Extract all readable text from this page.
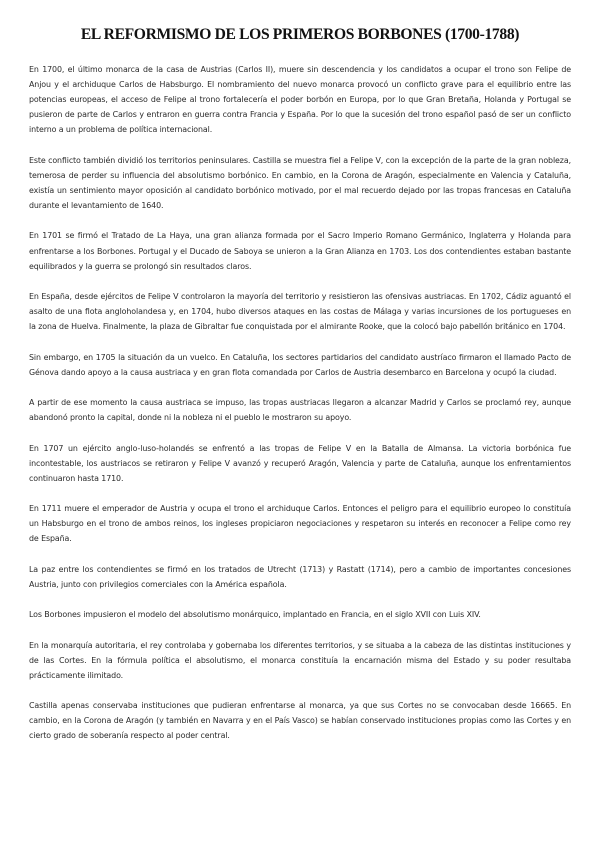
EL REFORMISMO DE LOS PRIMEROS BORBONES (1700-1788)

En 1700, el último monarca de la casa de Austrias (Carlos II), muere sin descendencia y los candidatos a ocupar el trono son Felipe de Anjou y el archiduque Carlos de Habsburgo. El nombramiento del nuevo monarca provocó un conflicto grave para el equilibrio entre las potencias europeas, el acceso de Felipe al trono fortalecería el poder borbón en Europa, por lo que Gran Bretaña, Holanda y Portugal se pusieron de parte de Carlos y entraron en guerra contra Francia y España. Por lo que la sucesión del trono español pasó de ser un conflicto interno a un problema de política internacional.

Este conflicto también dividió los territorios peninsulares. Castilla se muestra fiel a Felipe V, con la excepción de la parte de la gran nobleza, temerosa de perder su influencia del absolutismo borbónico. En cambio, en la Corona de Aragón, especialmente en Valencia y Cataluña, existía un sentimiento mayor oposición al candidato borbónico motivado, por el mal recuerdo dejado por las tropas francesas en Cataluña durante el levantamiento de 1640.

En 1701 se firmó el Tratado de La Haya, una gran alianza formada por el Sacro Imperio Romano Germánico, Inglaterra y Holanda para enfrentarse a los Borbones. Portugal y el Ducado de Saboya se unieron a la Gran Alianza en 1703. Los dos contendientes estaban bastante equilibrados y la guerra se prolongó sin resultados claros.

En España, desde ejércitos de Felipe V controlaron la mayoría del territorio y resistieron las ofensivas austriacas. En 1702, Cádiz aguantó el asalto de una flota angloholandesa y, en 1704, hubo diversos ataques en las costas de Málaga y varias incursiones de los portugueses en la zona de Huelva. Finalmente, la plaza de Gibraltar fue conquistada por el almirante Rooke, que la colocó bajo pabellón británico en 1704.

Sin embargo, en 1705 la situación da un vuelco. En Cataluña, los sectores partidarios del candidato austríaco firmaron el llamado Pacto de Génova dando apoyo a la causa austriaca y en gran flota comandada por Carlos de Austria desembarco en Barcelona y ocupó la ciudad.

A partir de ese momento la causa austriaca se impuso, las tropas austriacas llegaron a alcanzar Madrid y Carlos se proclamó rey, aunque abandonó pronto la capital, donde ni la nobleza ni el pueblo le mostraron su apoyo.

En 1707 un ejército anglo-luso-holandés se enfrentó a las tropas de Felipe V en la Batalla de Almansa. La victoria borbónica fue incontestable, los austriacos se retiraron y Felipe V avanzó y recuperó Aragón, Valencia y parte de Cataluña, aunque los enfrentamientos continuaron hasta 1710.

En 1711 muere el emperador de Austria y ocupa el trono el archiduque Carlos. Entonces el peligro para el equilibrio europeo lo constituía un Habsburgo en el trono de ambos reinos, los ingleses propiciaron negociaciones y respetaron su interés en reconocer a Felipe como rey de España.

La paz entre los contendientes se firmó en los tratados de Utrecht (1713) y Rastatt (1714), pero a cambio de importantes concesiones Austria, junto con privilegios comerciales con la América española.

Los Borbones impusieron el modelo del absolutismo monárquico, implantado en Francia, en el siglo XVII con Luis XIV.

En la monarquía autoritaria, el rey controlaba y gobernaba los diferentes territorios, y se situaba a la cabeza de las distintas instituciones y de las Cortes. En la fórmula política el absolutismo, el monarca constituía la encarnación misma del Estado y su poder resultaba prácticamente ilimitado.

Castilla apenas conservaba instituciones que pudieran enfrentarse al monarca, ya que sus Cortes no se convocaban desde 16665. En cambio, en la Corona de Aragón (y también en Navarra y en el País Vasco) se habían conservado instituciones propias como las Cortes y en cierto grado de soberanía respecto al poder central.
